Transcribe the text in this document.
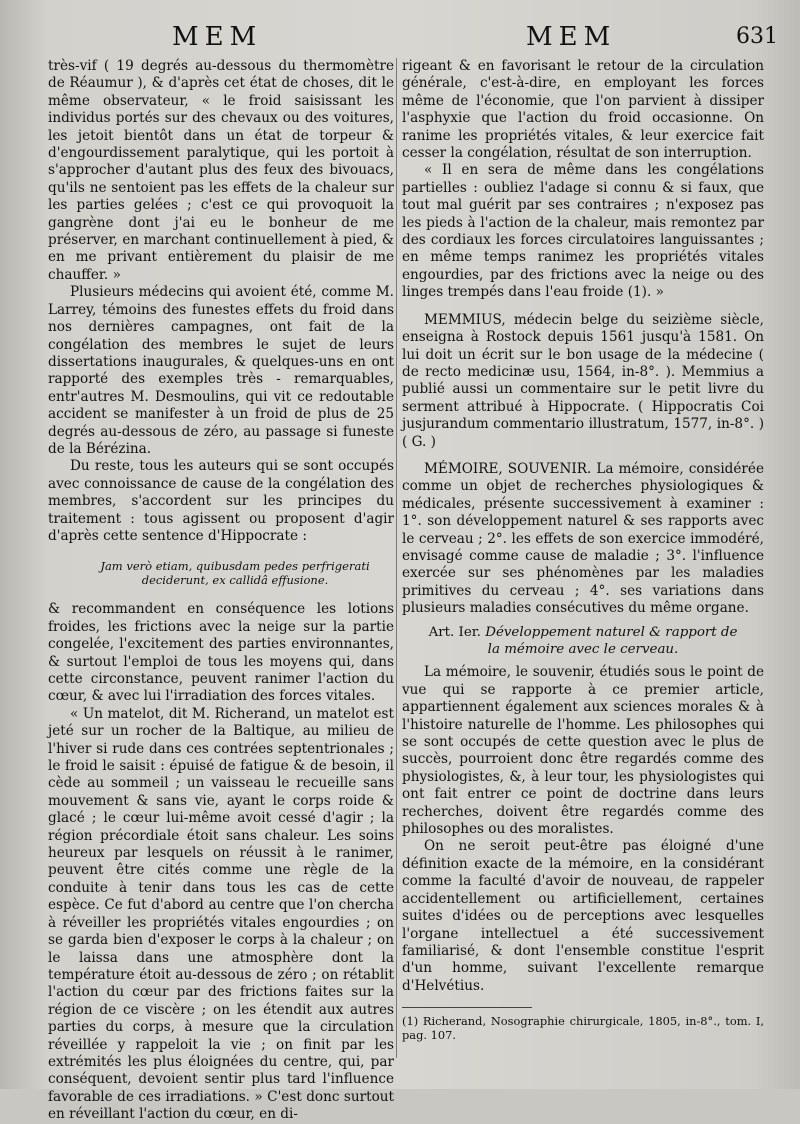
MEM	MEM	631

très-vif ( 19 degrés au-dessous du thermomètre de Réaumur ), & d'après cet état de choses, dit le même observateur, « le froid saisissant les individus portés sur des chevaux ou des voitures, les jetoit bientôt dans un état de torpeur & d'engourdissement paralytique, qui les portoit à s'approcher d'autant plus des feux des bivouacs, qu'ils ne sentoient pas les effets de la chaleur sur les parties gelées ; c'est ce qui provoquoit la gangrène dont j'ai eu le bonheur de me préserver, en marchant continuellement à pied, & en me privant entièrement du plaisir de me chauffer. »

Plusieurs médecins qui avoient été, comme M. Larrey, témoins des funestes effets du froid dans nos dernières campagnes, ont fait de la congélation des membres le sujet de leurs dissertations inaugurales, & quelques-uns en ont rapporté des exemples très - remarquables, entr'autres M. Desmoulins, qui vit ce redoutable accident se manifester à un froid de plus de 25 degrés au-dessous de zéro, au passage si funeste de la Bérézina.

Du reste, tous les auteurs qui se sont occupés avec connoissance de cause de la congélation des membres, s'accordent sur les principes du traitement : tous agissent ou proposent d'agir d'après cette sentence d'Hippocrate :

Jam verò etiam, quibusdam pedes perfrigerati
deciderunt, ex callidâ effusione.

& recommandent en conséquence les lotions froides, les frictions avec la neige sur la partie congelée, l'excitement des parties environnantes, & surtout l'emploi de tous les moyens qui, dans cette circonstance, peuvent ranimer l'action du cœur, & avec lui l'irradiation des forces vitales.

« Un matelot, dit M. Richerand, un matelot est jeté sur un rocher de la Baltique, au milieu de l'hiver si rude dans ces contrées septentrionales ; le froid le saisit : épuisé de fatigue & de besoin, il cède au sommeil ; un vaisseau le recueille sans mouvement & sans vie, ayant le corps roide & glacé ; le cœur lui-même avoit cessé d'agir ; la région précordiale étoit sans chaleur. Les soins heureux par lesquels on réussit à le ranimer, peuvent être cités comme une règle de la conduite à tenir dans tous les cas de cette espèce. Ce fut d'abord au centre que l'on chercha à réveiller les propriétés vitales engourdies ; on se garda bien d'exposer le corps à la chaleur ; on le laissa dans une atmosphère dont la température étoit au-dessous de zéro ; on rétablit l'action du cœur par des frictions faites sur la région de ce viscère ; on les étendit aux autres parties du corps, à mesure que la circulation réveillée y rappeloit la vie ; on finit par les extrémités les plus éloignées du centre, qui, par conséquent, devoient sentir plus tard l'influence favorable de ces irradiations. » C'est donc surtout en réveillant l'action du cœur, en di-

rigeant & en favorisant le retour de la circulation générale, c'est-à-dire, en employant les forces même de l'économie, que l'on parvient à dissiper l'asphyxie que l'action du froid occasionne. On ranime les propriétés vitales, & leur exercice fait cesser la congélation, résultat de son interruption.

« Il en sera de même dans les congélations partielles : oubliez l'adage si connu & si faux, que tout mal guérit par ses contraires ; n'exposez pas les pieds à l'action de la chaleur, mais remontez par des cordiaux les forces circulatoires languissantes ; en même temps ranimez les propriétés vitales engourdies, par des frictions avec la neige ou des linges trempés dans l'eau froide (1). »

MEMMIUS, médecin belge du seizième siècle, enseigna à Rostock depuis 1561 jusqu'à 1581. On lui doit un écrit sur le bon usage de la médecine ( de recto medicinæ usu, 1564, in-8°. ). Memmius a publié aussi un commentaire sur le petit livre du serment attribué à Hippocrate. ( Hippocratis Coi jusjurandum commentario illustratum, 1577, in-8°. ) ( G. )

MÉMOIRE, SOUVENIR. La mémoire, considérée comme un objet de recherches physiologiques & médicales, présente successivement à examiner : 1°. son développement naturel & ses rapports avec le cerveau ; 2°. les effets de son exercice immodéré, envisagé comme cause de maladie ; 3°. l'influence exercée sur ses phénomènes par les maladies primitives du cerveau ; 4°. ses variations dans plusieurs maladies consécutives du même organe.

Art. Ier. Développement naturel & rapport de
la mémoire avec le cerveau.

La mémoire, le souvenir, étudiés sous le point de vue qui se rapporte à ce premier article, appartiennent également aux sciences morales & à l'histoire naturelle de l'homme. Les philosophes qui se sont occupés de cette question avec le plus de succès, pourroient donc être regardés comme des physiologistes, &, à leur tour, les physiologistes qui ont fait entrer ce point de doctrine dans leurs recherches, doivent être regardés comme des philosophes ou des moralistes.

On ne seroit peut-être pas éloigné d'une définition exacte de la mémoire, en la considérant comme la faculté d'avoir de nouveau, de rappeler accidentellement ou artificiellement, certaines suites d'idées ou de perceptions avec lesquelles l'organe intellectuel a été successivement familiarisé, & dont l'ensemble constitue l'esprit d'un homme, suivant l'excellente remarque d'Helvétius.

(1) Richerand, Nosographie chirurgicale, 1805, in-8°., tom. I, pag. 107.
